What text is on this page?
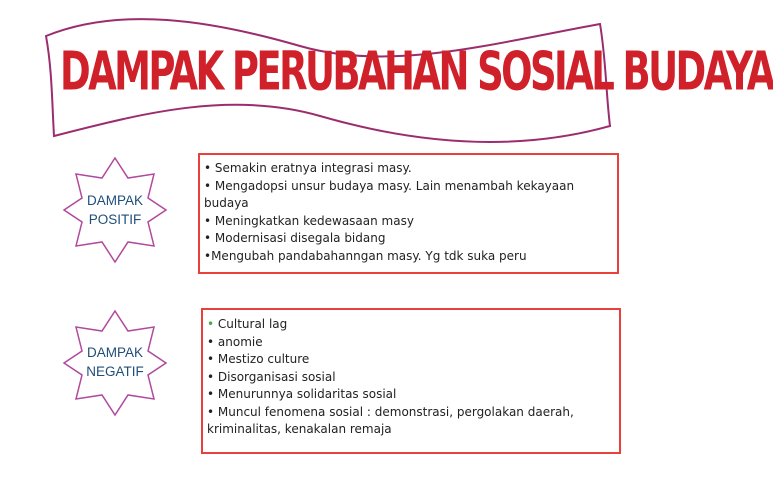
DAMPAK PERUBAHAN SOSIAL BUDAYA
DAMPAK
POSITIF
DAMPAK
NEGATIF
• Semakin eratnya integrasi masy.
• Mengadopsi unsur budaya masy. Lain menambah kekayaan
budaya
• Meningkatkan kedewasaan masy
• Modernisasi disegala bidang
•Mengubah pandabahanngan masy. Yg tdk suka peru
• Cultural lag
• anomie
• Mestizo culture
• Disorganisasi sosial
• Menurunnya solidaritas sosial
• Muncul fenomena sosial : demonstrasi, pergolakan daerah,
kriminalitas, kenakalan remaja
